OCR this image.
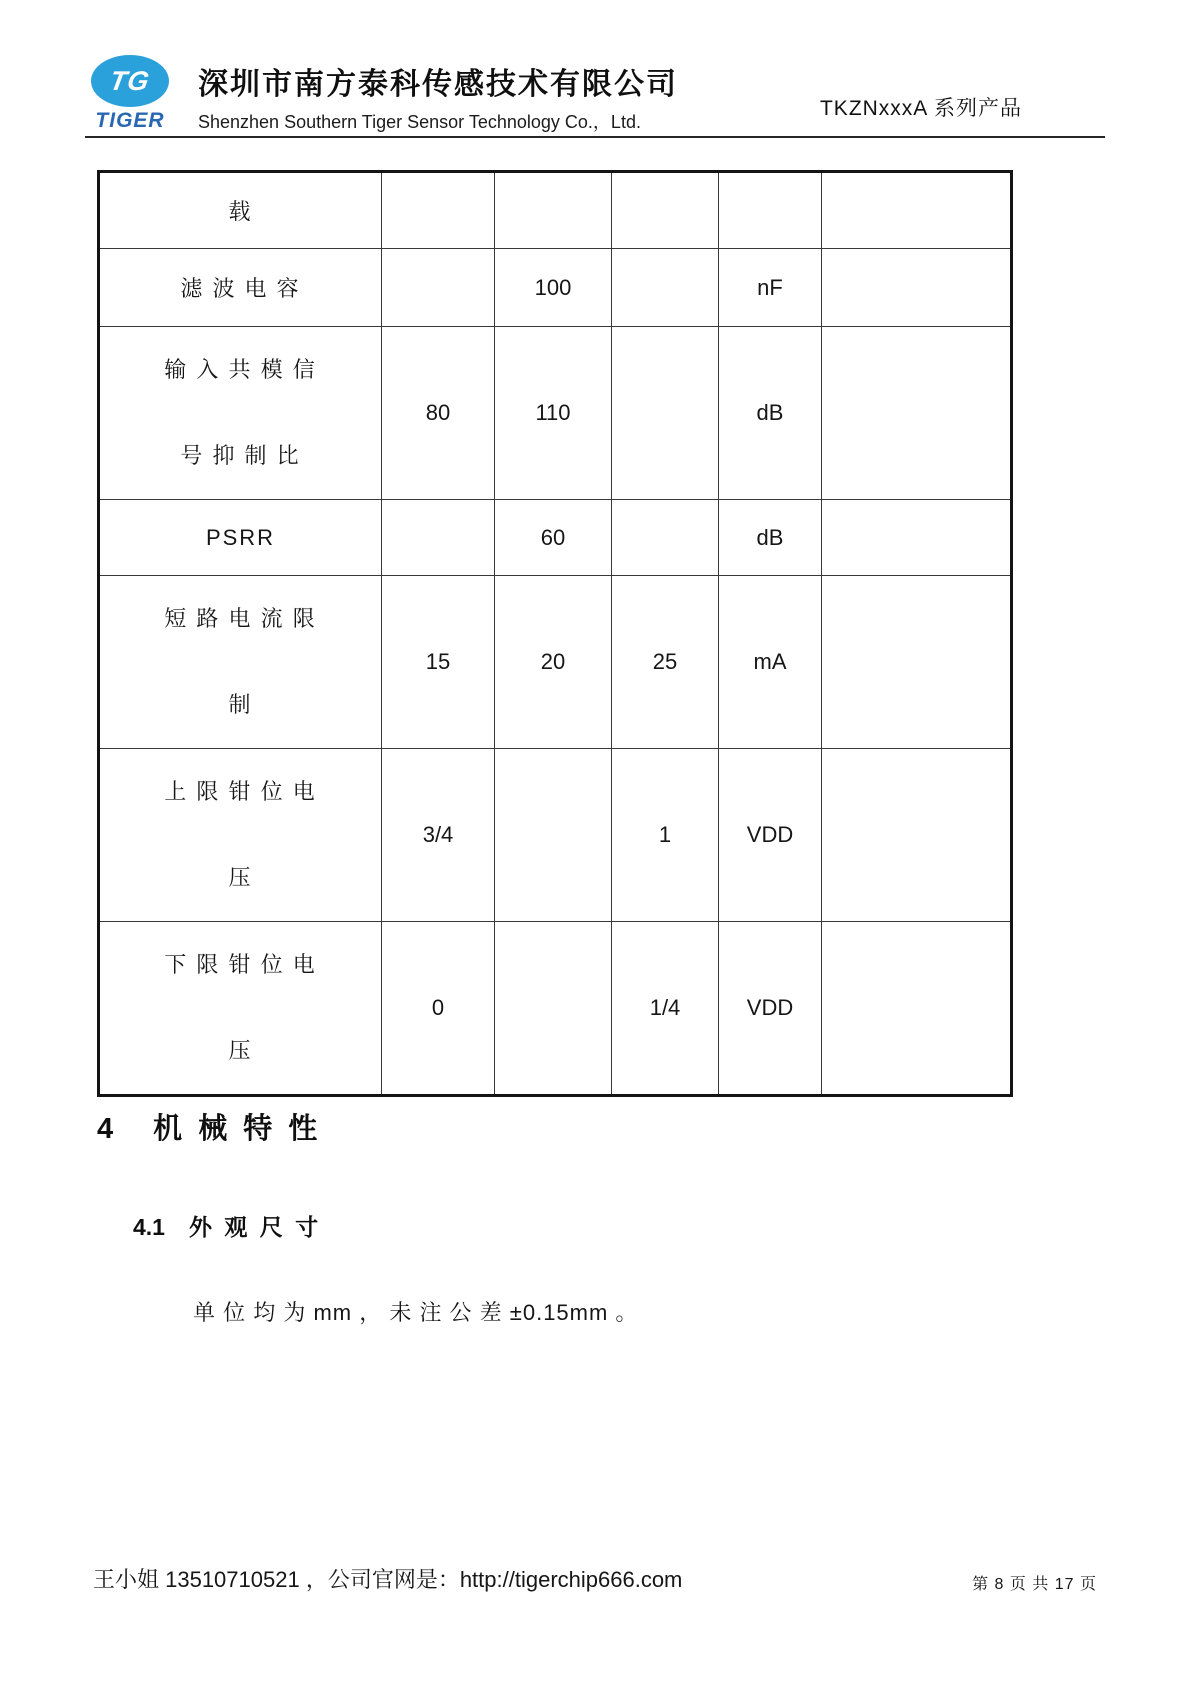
TG
TIGER
深圳市南方泰科传感技术有限公司
Shenzhen Southern Tiger Sensor Technology Co.，Ltd.
TKZNxxxA 系列产品
载					

滤 波 电 容		100		nF	

输 入 共 模 信
号 抑 制 比	80	110		dB	

PSRR		60		dB	

短 路 电 流 限
制	15	20	25	mA	

上 限 钳 位 电
压	3/4		1	VDD	

下 限 钳 位 电
压	0		1/4	VDD	
4 机 械 特 性
4.1 外 观 尺 寸
单 位 均 为 mm ， 未 注 公 差 ±0.15mm 。
王小姐 13510710521 ，公司官网是：http://tigerchip666.com	第 8 页 共 17 页
